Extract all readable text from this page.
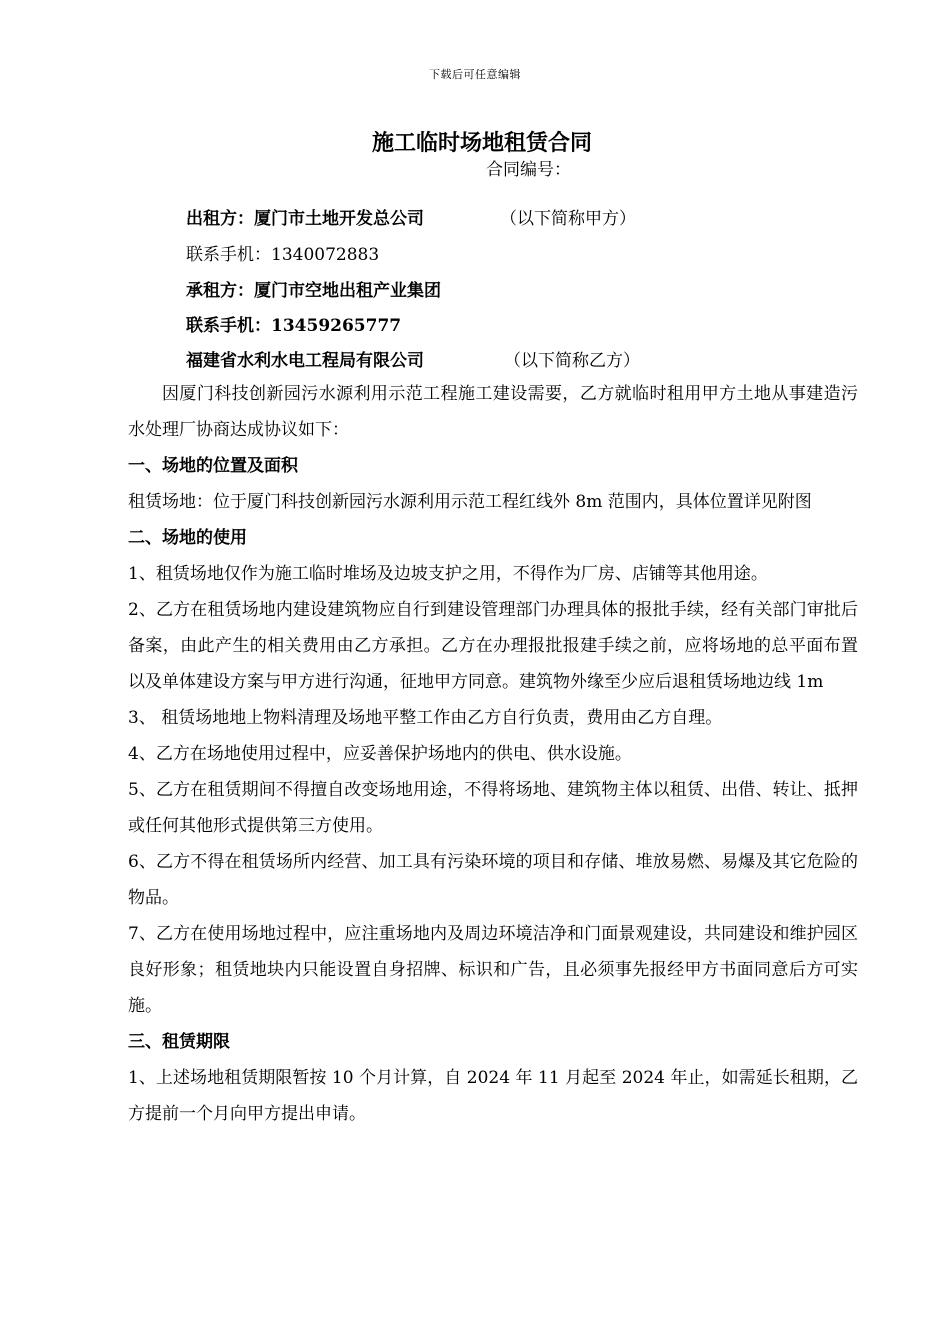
下载后可任意编辑
施工临时场地租赁合同
合同编号：
出租方：厦门市土地开发总公司	（以下简称甲方）
联系手机：1340072883
承租方：厦门市空地出租产业集团
联系手机：13459265777
福建省水利水电工程局有限公司	（以下简称乙方）

因厦门科技创新园污水源利用示范工程施工建设需要，乙方就临时租用甲方土地从事建造污水处理厂协商达成协议如下：

一、场地的位置及面积

租赁场地：位于厦门科技创新园污水源利用示范工程红线外 8m 范围内，具体位置详见附图

二、场地的使用

1、租赁场地仅作为施工临时堆场及边坡支护之用，不得作为厂房、店铺等其他用途。

2、乙方在租赁场地内建设建筑物应自行到建设管理部门办理具体的报批手续，经有关部门审批后备案，由此产生的相关费用由乙方承担。乙方在办理报批报建手续之前，应将场地的总平面布置以及单体建设方案与甲方进行沟通，征地甲方同意。建筑物外缘至少应后退租赁场地边线 1m

3、 租赁场地地上物料清理及场地平整工作由乙方自行负责，费用由乙方自理。

4、乙方在场地使用过程中，应妥善保护场地内的供电、供水设施。

5、乙方在租赁期间不得擅自改变场地用途，不得将场地、建筑物主体以租赁、出借、转让、抵押或任何其他形式提供第三方使用。

6、乙方不得在租赁场所内经营、加工具有污染环境的项目和存储、堆放易燃、易爆及其它危险的物品。

7、乙方在使用场地过程中，应注重场地内及周边环境洁净和门面景观建设，共同建设和维护园区良好形象；租赁地块内只能设置自身招牌、标识和广告，且必须事先报经甲方书面同意后方可实施。

三、租赁期限

1、上述场地租赁期限暂按 10 个月计算，自 2024 年 11 月起至 2024 年止，如需延长租期，乙方提前一个月向甲方提出申请。
